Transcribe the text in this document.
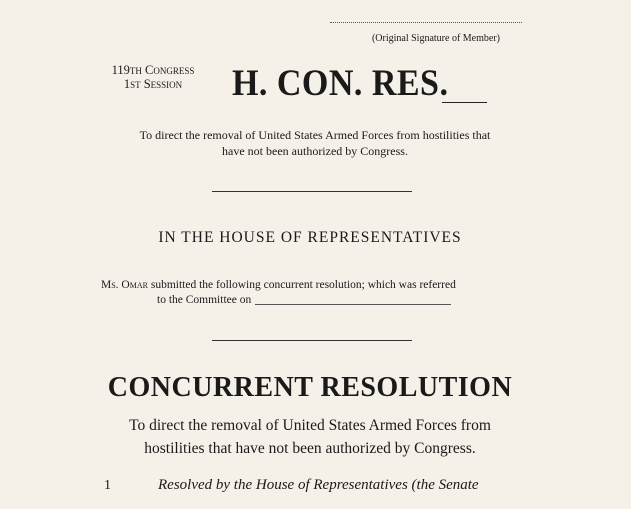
(Original Signature of Member)
119th Congress
1st Session	H. CON. RES.
To direct the removal of United States Armed Forces from hostilities that
have not been authorized by Congress.
IN THE HOUSE OF REPRESENTATIVES
Ms. Omar submitted the following concurrent resolution; which was referred
to the Committee on
CONCURRENT RESOLUTION
To direct the removal of United States Armed Forces from
hostilities that have not been authorized by Congress.
1	Resolved by the House of Representatives (the Senate
